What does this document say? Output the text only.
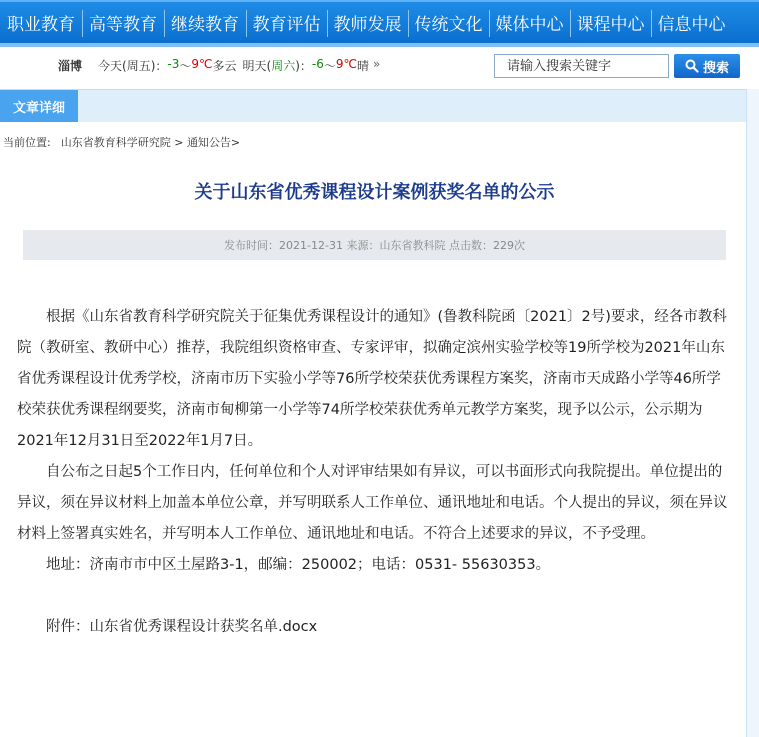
职业教育 高等教育 继续教育 教育评估 教师发展 传统文化 媒体中心 课程中心 信息中心
淄博 今天(周五)： -3 ～ 9℃ 多云 明天( 周六 )： -6 ～ 9℃ 晴 »
请输入搜索关键字	搜索
文章详细
当前位置: 山东省教育科学研究院 > 通知公告>
关于山东省优秀课程设计案例获奖名单的公示
发布时间：2021-12-31 来源：山东省教科院 点击数：229次

根据《山东省教育科学研究院关于征集优秀课程设计的通知》(鲁教科院函〔2021〕2号)要求，经各市教科院（教研室、教研中心）推荐，我院组织资格审查、专家评审，拟确定滨州实验学校等19所学校为2021年山东省优秀课程设计优秀学校，济南市历下实验小学等76所学校荣获优秀课程方案奖，济南市天成路小学等46所学校荣获优秀课程纲要奖，济南市甸柳第一小学等74所学校荣获优秀单元教学方案奖，现予以公示，公示期为2021年12月31日至2022年1月7日。

自公布之日起5个工作日内，任何单位和个人对评审结果如有异议，可以书面形式向我院提出。单位提出的异议，须在异议材料上加盖本单位公章，并写明联系人工作单位、通讯地址和电话。个人提出的异议，须在异议材料上签署真实姓名，并写明本人工作单位、通讯地址和电话。不符合上述要求的异议，不予受理。

地址：济南市市中区土屋路3-1，邮编：250002；电话：0531- 55630353。

附件：山东省优秀课程设计获奖名单.docx
